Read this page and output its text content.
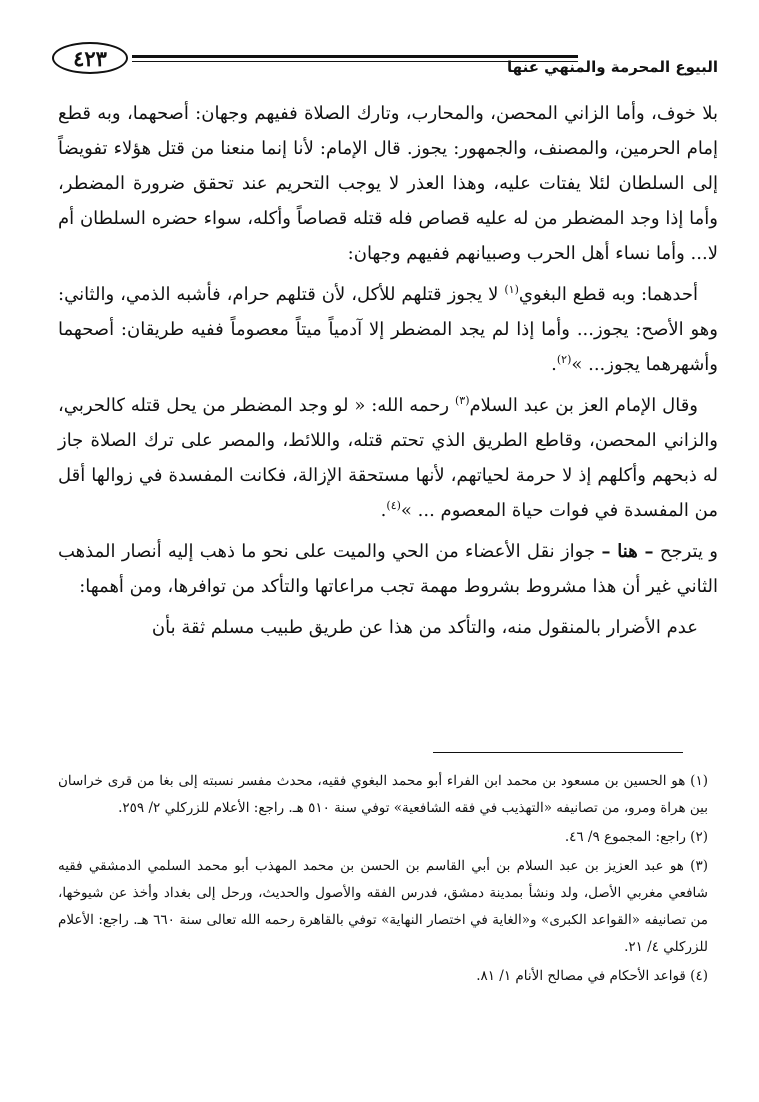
٤٢٣	البيوع المحرمة والمنهي عنها

بلا خوف، وأما الزاني المحصن، والمحارب، وتارك الصلاة ففيهم وجهان: أصحهما، وبه قطع إمام الحرمين، والمصنف، والجمهور: يجوز. قال الإمام: لأنا إنما منعنا من قتل هؤلاء تفويضاً إلى السلطان لئلا يفتات عليه، وهذا العذر لا يوجب التحريم عند تحقق ضرورة المضطر، وأما إذا وجد المضطر من له عليه قصاص فله قتله قصاصاً وأكله، سواء حضره السلطان أم لا... وأما نساء أهل الحرب وصبيانهم ففيهم وجهان:

أحدهما: وبه قطع البغوي$^{(١)}$ لا يجوز قتلهم للأكل، لأن قتلهم حرام، فأشبه الذمي، والثاني: وهو الأصح: يجوز... وأما إذا لم يجد المضطر إلا آدمياً ميتاً معصوماً ففيه طريقان: أصحهما وأشهرهما يجوز... »$^{(٢)}$.

وقال الإمام العز بن عبد السلام$^{(٣)}$ رحمه الله: « لو وجد المضطر من يحل قتله كالحربي، والزاني المحصن، وقاطع الطريق الذي تحتم قتله، واللائط، والمصر على ترك الصلاة جاز له ذبحهم وأكلهم إذ لا حرمة لحياتهم، لأنها مستحقة الإزالة، فكانت المفسدة في زوالها أقل من المفسدة في فوات حياة المعصوم ... »$^{(٤)}$.

و يترجح – هنا – جواز نقل الأعضاء من الحي والميت على نحو ما ذهب إليه أنصار المذهب الثاني غير أن هذا مشروط بشروط مهمة تجب مراعاتها والتأكد من توافرها، ومن أهمها:

عدم الأضرار بالمنقول منه، والتأكد من هذا عن طريق طبيب مسلم ثقة بأن

(١) هو الحسين بن مسعود بن محمد ابن الفراء أبو محمد البغوي فقيه، محدث مفسر نسبته إلى بغا من قرى خراسان بين هراة ومرو، من تصانيفه «التهذيب في فقه الشافعية» توفي سنة ٥١٠ هـ. راجع: الأعلام للزركلي ٢/ ٢٥٩.

(٢) راجع: المجموع ٩/ ٤٦.

(٣) هو عبد العزيز بن عبد السلام بن أبي القاسم بن الحسن بن محمد المهذب أبو محمد السلمي الدمشقي فقيه شافعي مغربي الأصل، ولد ونشأ بمدينة دمشق، فدرس الفقه والأصول والحديث، ورحل إلى بغداد وأخذ عن شيوخها، من تصانيفه «القواعد الكبرى» و«الغاية في اختصار النهاية» توفي بالقاهرة رحمه الله تعالى سنة ٦٦٠ هـ. راجع: الأعلام للزركلي ٤/ ٢١.

(٤) قواعد الأحكام في مصالح الأنام ١/ ٨١.
